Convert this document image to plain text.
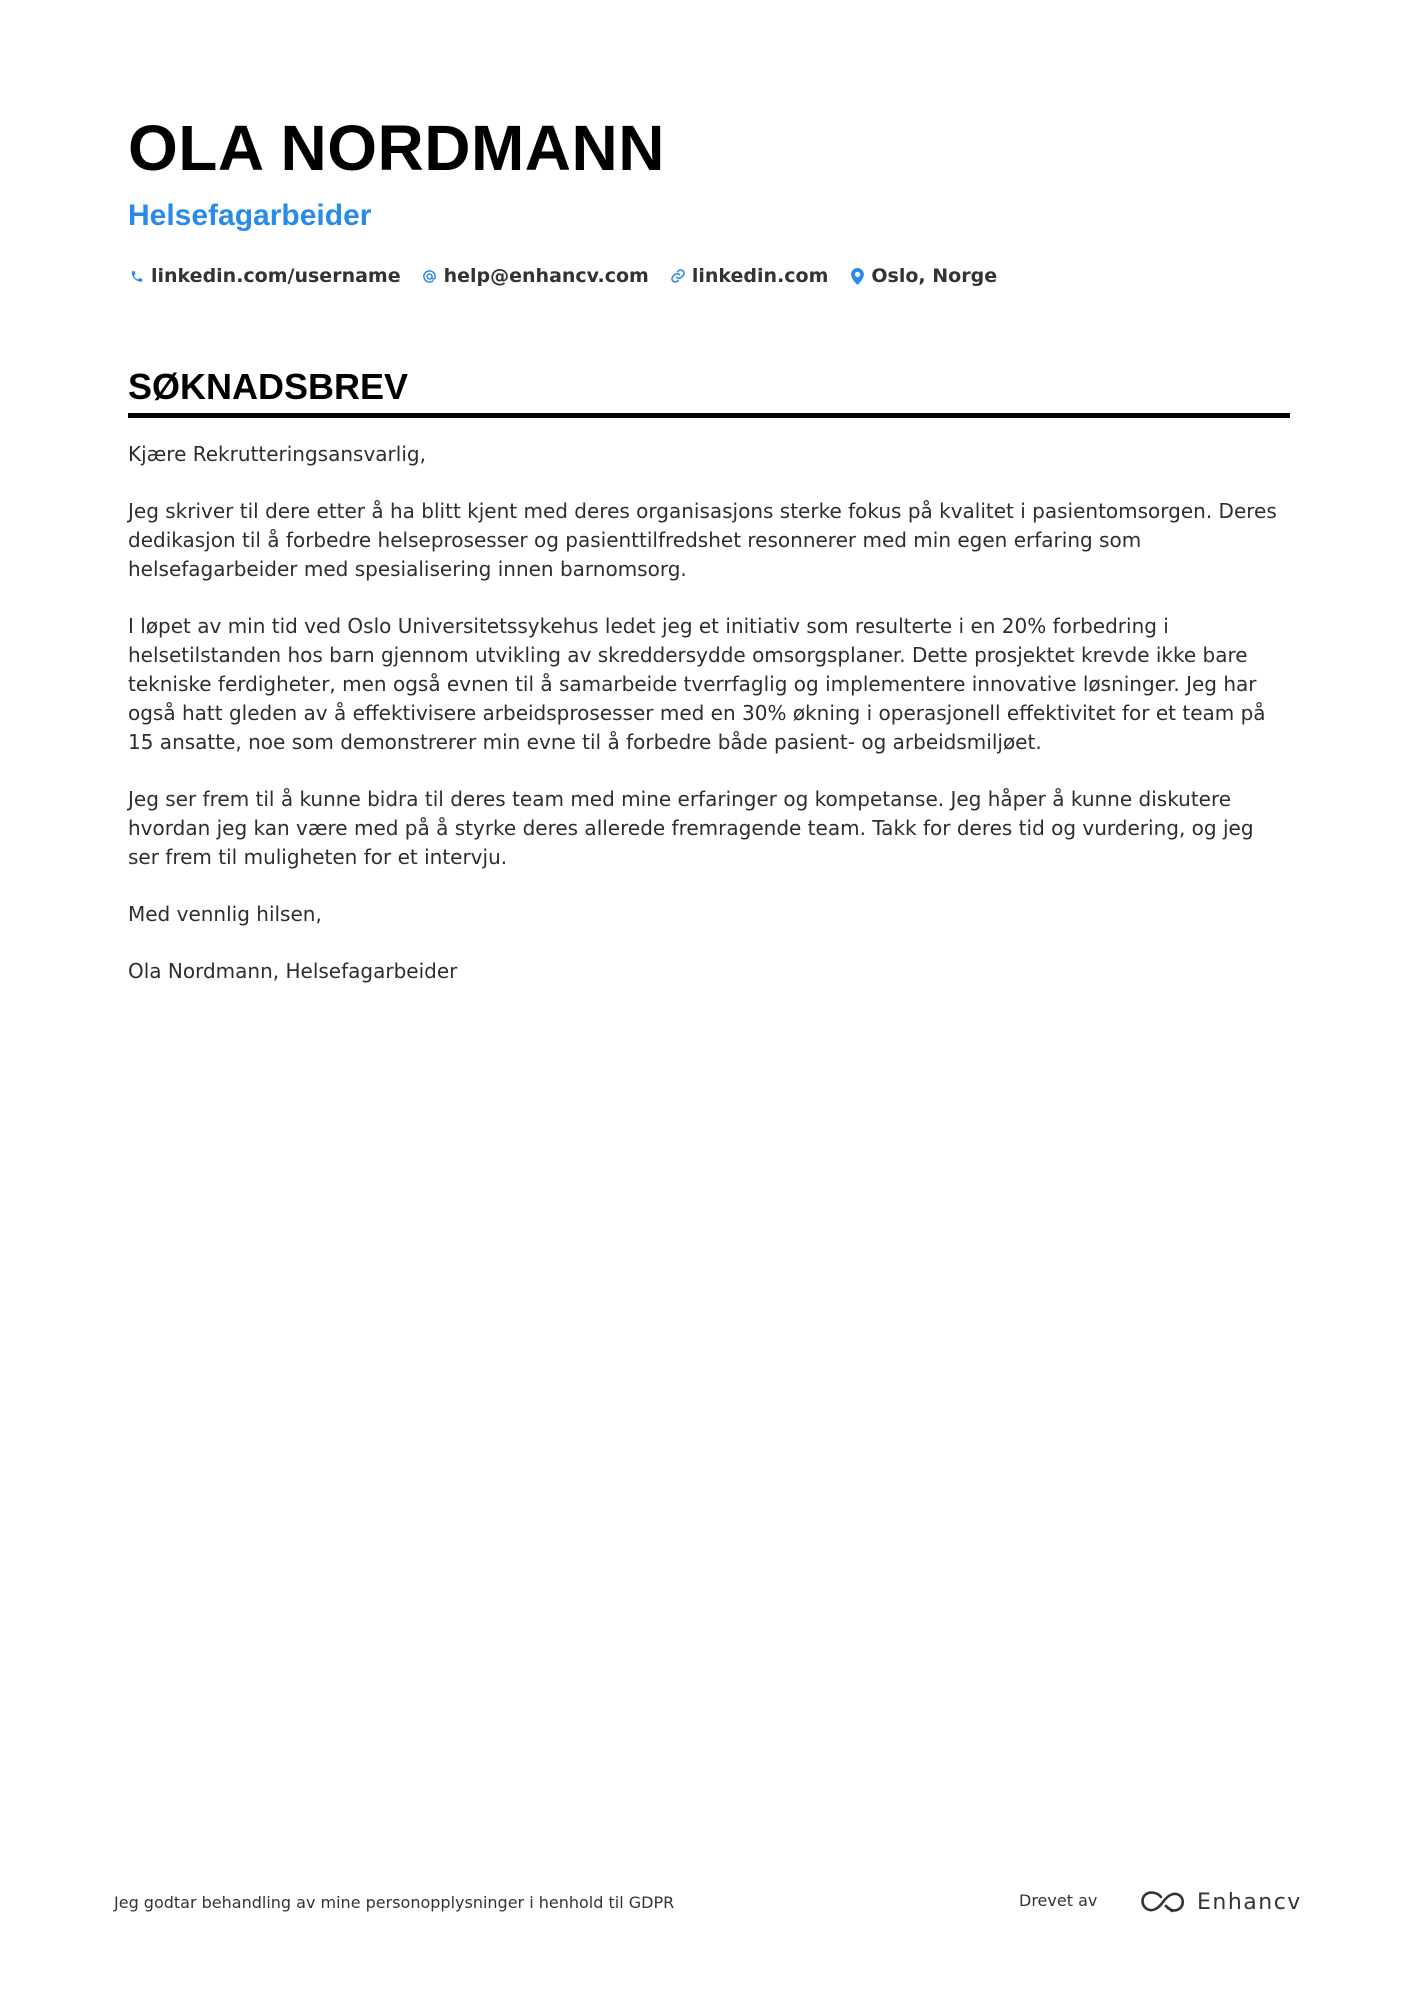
OLA NORDMANN
Helsefagarbeider
linkedin.com/username help@enhancv.com linkedin.com Oslo, Norge
SØKNADSBREV

Kjære Rekrutteringsansvarlig,

Jeg skriver til dere etter å ha blitt kjent med deres organisasjons sterke fokus på kvalitet i pasientomsorgen. Deres dedikasjon til å forbedre helseprosesser og pasienttilfredshet resonnerer med min egen erfaring som helsefagarbeider med spesialisering innen barnomsorg.

I løpet av min tid ved Oslo Universitetssykehus ledet jeg et initiativ som resulterte i en 20% forbedring i helsetilstanden hos barn gjennom utvikling av skreddersydde omsorgsplaner. Dette prosjektet krevde ikke bare tekniske ferdigheter, men også evnen til å samarbeide tverrfaglig og implementere innovative løsninger. Jeg har også hatt gleden av å effektivisere arbeidsprosesser med en 30% økning i operasjonell effektivitet for et team på 15 ansatte, noe som demonstrerer min evne til å forbedre både pasient- og arbeidsmiljøet.

Jeg ser frem til å kunne bidra til deres team med mine erfaringer og kompetanse. Jeg håper å kunne diskutere hvordan jeg kan være med på å styrke deres allerede fremragende team. Takk for deres tid og vurdering, og jeg ser frem til muligheten for et intervju.

Med vennlig hilsen,

Ola Nordmann, Helsefagarbeider

Jeg godtar behandling av mine personopplysninger i henhold til GDPR	Drevet av	Enhancv
